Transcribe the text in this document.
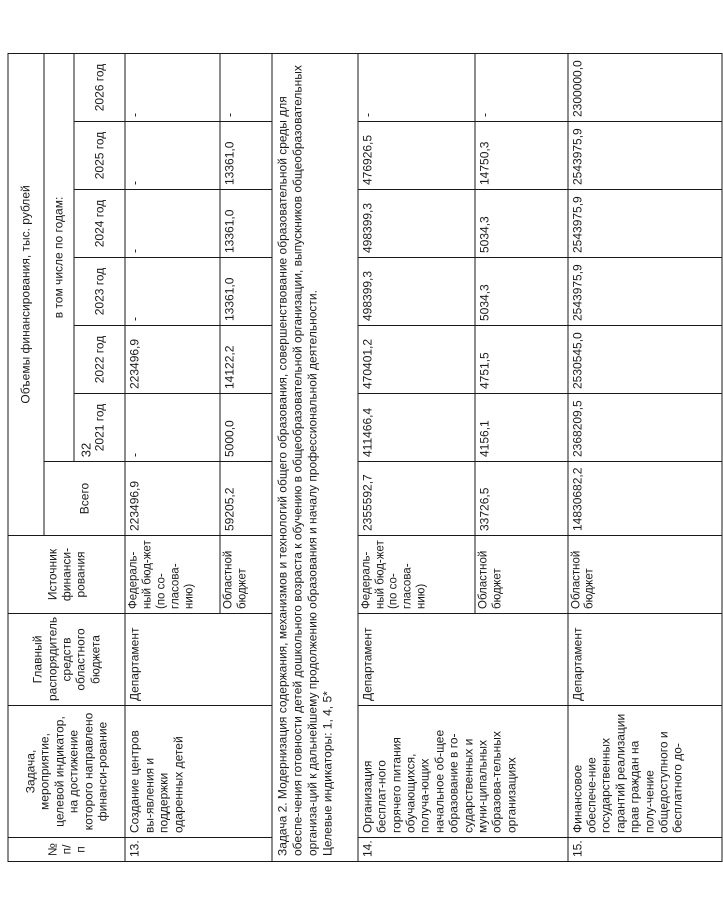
32
№ п/п	Задача, мероприятие, целевой индикатор, на достижение которого направлено финанси-рование	Главный распорядитель средств областного бюджета	Источник финанси-рования	Объемы финансирования, тыс. рублей						
				Всего	в том числе по годам:					
					2021 год	2022 год	2023 год	2024 год	2025 год	2026 год
13.	Создание центров вы-явления и поддержки одаренных детей	Департамент	Федераль-ный бюд-жет (по со-гласова-нию)	223496,9	-	223496,9	-	-	-	-
			Областной бюджет	59205,2	5000,0	14122,2	13361,0	13361,0	13361,0	-
Задача 2. Модернизация содержания, механизмов и технологий общего образования, совершенствование образовательной среды для обеспе-чения готовности детей дошкольного возраста к обучению в общеобразовательной организации, выпускников общеобразовательных организа-ций к дальнейшему продолжению образования и началу профессиональной деятельности.
Целевые индикаторы: 1, 4, 5*										
14.	Организация бесплат-ного горячего питания обучающихся, получа-ющих начальное об-щее образование в го-сударственных и муни-ципальных образова-тельных организациях	Департамент	Федераль-ный бюд-жет (по со-гласова-нию)	2355592,7	411466,4	470401,2	498399,3	498399,3	476926,5	-
			Областной бюджет	33726,5	4156,1	4751,5	5034,3	5034,3	14750,3	-
15.	Финансовое обеспече-ние государственных гарантий реализации прав граждан на полу-чение общедоступного и бесплатного до-	Департамент	Областной бюджет	14830682,2	2368209,5	2530545,0	2543975,9	2543975,9	2543975,9	2300000,0
